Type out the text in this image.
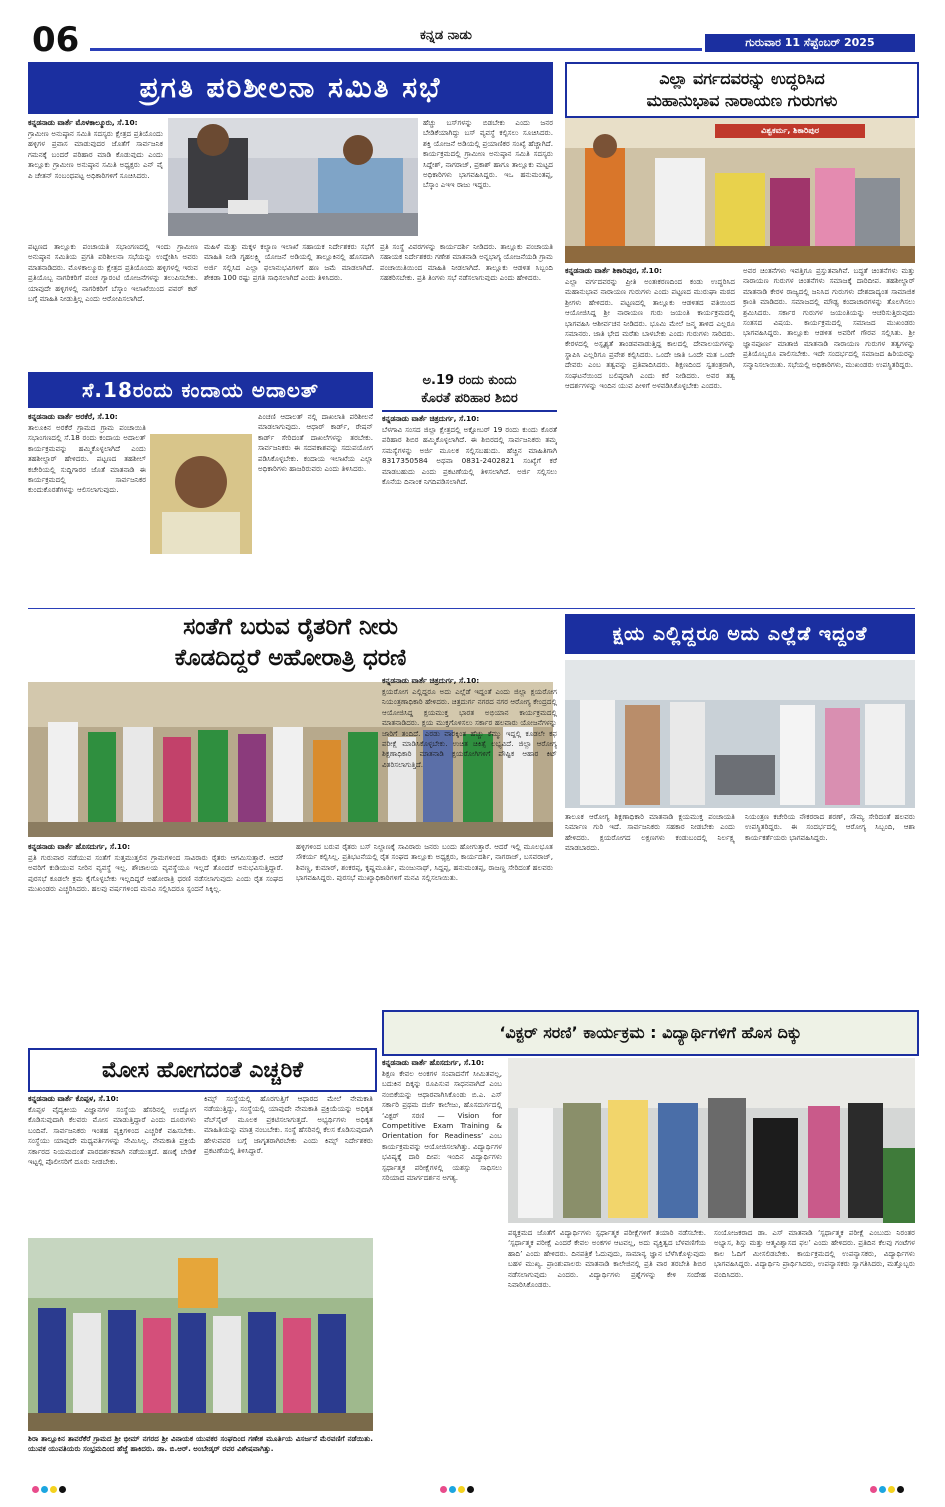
06	ಕನ್ನಡ ನಾಡು	ಗುರುವಾರ 11 ಸೆಪ್ಟೆಂಬರ್ 2025
ಪ್ರಗತಿ ಪರಿಶೀಲನಾ ಸಮಿತಿ ಸಭೆ

ಕನ್ನಡನಾಡು ವಾರ್ತೆ ಮೊಳಕಾಲ್ಮೂರು, ಸೆ.10:

ಗ್ರಾಮೀಣ ಅನುಷ್ಠಾನ ಸಮಿತಿ ಸದಸ್ಯರು ಕ್ಷೇತ್ರದ ಪ್ರತಿಯೊಂದು ಹಳ್ಳಿಗಳ ಪ್ರವಾಸ ಮಾಡುವುದರ ಜೊತೆಗೆ ಸಾರ್ವಜನಿಕ ಗಮನಕ್ಕೆ ಬಂದರೆ ಪರಿಹಾರ ಮಾಡಿ ಕೊಡುವುದು ಎಂದು ತಾಲ್ಲೂಕು ಗ್ರಾಮೀಣ ಅನುಷ್ಠಾನ ಸಮಿತಿ ಅಧ್ಯಕ್ಷರು ಎನ್ ವೈ ಪಿ ಚೇತನ್ ಸಂಬಂಧಪಟ್ಟ ಅಧಿಕಾರಿಗಳಿಗೆ ಸೂಚಿಸಿದರು.

ಹೆಚ್ಚು ಬಸ್‌ಗಳನ್ನು ಬಿಡಬೇಕು ಎಂದು ಜನರ ಬೇಡಿಕೆಯಾಗಿದ್ದು ಬಸ್ ವ್ಯವಸ್ಥೆ ಕಲ್ಪಿಸಲು ಸೂಚಿಸಿದರು. ಶಕ್ತಿ ಯೋಜನೆ ಅಡಿಯಲ್ಲಿ ಪ್ರಯಾಣಿಕರ ಸಂಖ್ಯೆ ಹೆಚ್ಚಾಗಿದೆ. ಕಾರ್ಯಕ್ರಮದಲ್ಲಿ ಗ್ರಾಮೀಣ ಅನುಷ್ಠಾನ ಸಮಿತಿ ಸದಸ್ಯರು ಸಿದ್ದೇಶ್, ನಾಗರಾಜ್, ಪ್ರಕಾಶ್ ಹಾಗೂ ತಾಲ್ಲೂಕು ಮಟ್ಟದ ಅಧಿಕಾರಿಗಳು ಭಾಗವಹಿಸಿದ್ದರು. ಇಒ ಹನುಮಂತಪ್ಪ, ಬೆಸ್ಕಾಂ ಎಇಇ ರಾಜು ಇದ್ದರು.

ಪಟ್ಟಣದ ತಾಲ್ಲೂಕು ಪಂಚಾಯತಿ ಸಭಾಂಗಣದಲ್ಲಿ ಇಂದು ಗ್ರಾಮೀಣ ಅನುಷ್ಠಾನ ಸಮಿತಿಯ ಪ್ರಗತಿ ಪರಿಶೀಲನಾ ಸಭೆಯನ್ನು ಉದ್ದೇಶಿಸಿ ಅವರು ಮಾತನಾಡಿದರು. ಮೊಳಕಾಲ್ಮೂರು ಕ್ಷೇತ್ರದ ಪ್ರತಿಯೊಂದು ಹಳ್ಳಿಗಳಲ್ಲಿ ಇರುವ ಪ್ರತಿಯೊಬ್ಬ ನಾಗರಿಕರಿಗೆ ಪಂಚ ಗ್ಯಾರಂಟಿ ಯೋಜನೆಗಳನ್ನು ತಲುಪಿಸಬೇಕು. ಯಾವುದೇ ಹಳ್ಳಿಗಳಲ್ಲಿ ನಾಗರಿಕರಿಗೆ ಬೆಸ್ಕಾಂ ಇಲಾಖೆಯಿಂದ ಪವರ್ ಕಟ್ ಬಗ್ಗೆ ಮಾಹಿತಿ ನೀಡುತ್ತಿಲ್ಲ ಎಂದು ಆರೋಪಿಸಲಾಗಿದೆ.

ಮಹಿಳೆ ಮತ್ತು ಮಕ್ಕಳ ಕಲ್ಯಾಣ ಇಲಾಖೆ ಸಹಾಯಕ ನಿರ್ದೇಶಕರು ಸಭೆಗೆ ಮಾಹಿತಿ ನೀಡಿ ಗೃಹಲಕ್ಷ್ಮಿ ಯೋಜನೆ ಅಡಿಯಲ್ಲಿ ತಾಲ್ಲೂಕಿನಲ್ಲಿ ಹೊಸದಾಗಿ ಅರ್ಜಿ ಸಲ್ಲಿಸಿದ ಎಲ್ಲಾ ಫಲಾನುಭವಿಗಳಿಗೆ ಹಣ ಜಮೆ ಮಾಡಲಾಗಿದೆ. ಶೇಕಡಾ 100 ರಷ್ಟು ಪ್ರಗತಿ ಸಾಧಿಸಲಾಗಿದೆ ಎಂದು ತಿಳಿಸಿದರು.

ಪ್ರತಿ ಸಂಸ್ಥೆ ವಿವರಗಳನ್ನು ಕಾರ್ಯದರ್ಶಿ ನೀಡಿದರು. ತಾಲ್ಲೂಕು ಪಂಚಾಯತಿ ಸಹಾಯಕ ನಿರ್ದೇಶಕರು ಗಣೇಶ ಮಾತನಾಡಿ ಅನ್ನಭಾಗ್ಯ ಯೋಜನೆಯಡಿ ಗ್ರಾಮ ಪಂಚಾಯಿತಿಯಿಂದ ಮಾಹಿತಿ ನೀಡಲಾಗಿದೆ. ತಾಲ್ಲೂಕು ಆಡಳಿತ ಸಿಬ್ಬಂದಿ ಸಹಕರಿಸಬೇಕು. ಪ್ರತಿ ತಿಂಗಳು ಸಭೆ ನಡೆಸಲಾಗುವುದು ಎಂದು ಹೇಳಿದರು.

ಎಲ್ಲಾ ವರ್ಗದವರನ್ನು ಉದ್ಧರಿಸಿದ
ಮಹಾನುಭಾವ ನಾರಾಯಣ ಗುರುಗಳು
ವಿಶ್ವಕರ್ಮ, ಶಿಕಾರಿಪುರ

ಕನ್ನಡನಾಡು ವಾರ್ತೆ ಶಿಕಾರಿಪುರ, ಸೆ.10:

ಎಲ್ಲಾ ವರ್ಗದವರನ್ನು ಪ್ರೀತಿ ಅಂತಃಕರಣದಿಂದ ಕಂಡು ಉದ್ಧರಿಸಿದ ಮಹಾನುಭಾವ ನಾರಾಯಣ ಗುರುಗಳು ಎಂದು ಪಟ್ಟಣದ ಮುರುಘಾ ಮಠದ ಶ್ರೀಗಳು ಹೇಳಿದರು. ಪಟ್ಟಣದಲ್ಲಿ ತಾಲ್ಲೂಕು ಆಡಳಿತದ ವತಿಯಿಂದ ಆಯೋಜಿಸಿದ್ದ ಶ್ರೀ ನಾರಾಯಣ ಗುರು ಜಯಂತಿ ಕಾರ್ಯಕ್ರಮದಲ್ಲಿ ಭಾಗವಹಿಸಿ ಆಶೀರ್ವಚನ ನೀಡಿದರು. ಭೂಮಿ ಮೇಲೆ ಜನ್ಮ ತಾಳಿದ ಎಲ್ಲರೂ ಸಮಾನರು. ಜಾತಿ ಭೇದ ಮರೆತು ಬಾಳಬೇಕು ಎಂದು ಗುರುಗಳು ಸಾರಿದರು. ಕೇರಳದಲ್ಲಿ ಅಸ್ಪೃಶ್ಯತೆ ತಾಂಡವವಾಡುತ್ತಿದ್ದ ಕಾಲದಲ್ಲಿ ದೇವಾಲಯಗಳನ್ನು ಸ್ಥಾಪಿಸಿ ಎಲ್ಲರಿಗೂ ಪ್ರವೇಶ ಕಲ್ಪಿಸಿದರು. ಒಂದೇ ಜಾತಿ ಒಂದೇ ಮತ ಒಂದೇ ದೇವರು ಎಂಬ ತತ್ವವನ್ನು ಪ್ರತಿಪಾದಿಸಿದರು. ಶಿಕ್ಷಣದಿಂದ ಸ್ವತಂತ್ರರಾಗಿ, ಸಂಘಟನೆಯಿಂದ ಬಲಿಷ್ಠರಾಗಿ ಎಂದು ಕರೆ ನೀಡಿದರು. ಅವರ ತತ್ವ ಆದರ್ಶಗಳನ್ನು ಇಂದಿನ ಯುವ ಪೀಳಿಗೆ ಅಳವಡಿಸಿಕೊಳ್ಳಬೇಕು ಎಂದರು.

ಅವರ ಚಿಂತನೆಗಳು ಇವತ್ತಿಗೂ ಪ್ರಸ್ತುತವಾಗಿವೆ. ಬದ್ಧತೆ ಚಿಂತನೆಗಳು ಮತ್ತು ನಾರಾಯಣ ಗುರುಗಳ ಚಿಂತನೆಗಳು ಸಮಾಜಕ್ಕೆ ದಾರಿದೀಪ. ತಹಶೀಲ್ದಾರ್ ಮಾತನಾಡಿ ಕೇರಳ ರಾಜ್ಯದಲ್ಲಿ ಜನಿಸಿದ ಗುರುಗಳು ದೇಶದಾದ್ಯಂತ ಸಾಮಾಜಿಕ ಕ್ರಾಂತಿ ಮಾಡಿದರು. ಸಮಾಜದಲ್ಲಿ ಮೌಢ್ಯ ಕಂದಾಚಾರಗಳನ್ನು ತೊಲಗಿಸಲು ಶ್ರಮಿಸಿದರು. ಸರ್ಕಾರ ಗುರುಗಳ ಜಯಂತಿಯನ್ನು ಆಚರಿಸುತ್ತಿರುವುದು ಸಂತಸದ ವಿಷಯ. ಕಾರ್ಯಕ್ರಮದಲ್ಲಿ ಸಮಾಜದ ಮುಖಂಡರು ಭಾಗವಹಿಸಿದ್ದರು. ತಾಲ್ಲೂಕು ಆಡಳಿತ ಅವರಿಗೆ ಗೌರವ ಸಲ್ಲಿಸಿತು. ಶ್ರೀ ಜ್ಞಾನಪೂರ್ಣ ಮಾತಾಜಿ ಮಾತನಾಡಿ ನಾರಾಯಣ ಗುರುಗಳ ತತ್ವಗಳನ್ನು ಪ್ರತಿಯೊಬ್ಬರೂ ಪಾಲಿಸಬೇಕು. ಇದೇ ಸಂದರ್ಭದಲ್ಲಿ ಸಮಾಜದ ಹಿರಿಯರನ್ನು ಸನ್ಮಾನಿಸಲಾಯಿತು. ಸಭೆಯಲ್ಲಿ ಅಧಿಕಾರಿಗಳು, ಮುಖಂಡರು ಉಪಸ್ಥಿತರಿದ್ದರು.

ಸೆ.18ರಂದು ಕಂದಾಯ ಅದಾಲತ್

ಕನ್ನಡನಾಡು ವಾರ್ತೆ ಅರಕೆರೆ, ಸೆ.10:

ತಾಲೂಕಿನ ಅರಕೆರೆ ಗ್ರಾಮದ ಗ್ರಾಮ ಪಂಚಾಯಿತಿ ಸಭಾಂಗಣದಲ್ಲಿ ಸೆ.18 ರಂದು ಕಂದಾಯ ಅದಾಲತ್ ಕಾರ್ಯಕ್ರಮವನ್ನು ಹಮ್ಮಿಕೊಳ್ಳಲಾಗಿದೆ ಎಂದು ತಹಶೀಲ್ದಾರ್ ಹೇಳಿದರು. ಪಟ್ಟಣದ ತಹಶೀಲ್ ಕಚೇರಿಯಲ್ಲಿ ಸುದ್ದಿಗಾರರ ಜೊತೆ ಮಾತನಾಡಿ ಈ ಕಾರ್ಯಕ್ರಮದಲ್ಲಿ ಸಾರ್ವಜನಿಕರ ಕುಂದುಕೊರತೆಗಳನ್ನು ಆಲಿಸಲಾಗುವುದು.

ಪಿಂಚಣಿ ಆದಾಲತ್ ನಲ್ಲಿ ದಾಖಲಾತಿ ಪರಿಶೀಲನೆ ಮಾಡಲಾಗುವುದು. ಆಧಾರ್ ಕಾರ್ಡ್, ರೇಷನ್ ಕಾರ್ಡ್ ಸೇರಿದಂತೆ ದಾಖಲೆಗಳನ್ನು ತರಬೇಕು. ಸಾರ್ವಜನಿಕರು ಈ ಸದವಕಾಶವನ್ನು ಸದುಪಯೋಗ ಪಡಿಸಿಕೊಳ್ಳಬೇಕು. ಕಂದಾಯ ಇಲಾಖೆಯ ಎಲ್ಲಾ ಅಧಿಕಾರಿಗಳು ಹಾಜರಿರುವರು ಎಂದು ತಿಳಿಸಿದರು.

ಅ.19 ರಂದು ಕುಂದು
ಕೊರತೆ ಪರಿಹಾರ ಶಿಬಿರ

ಕನ್ನಡನಾಡು ವಾರ್ತೆ ಚಿತ್ರದುರ್ಗ, ಸೆ.10:

ಬೆಳಗಾವಿ ಸಂಸದ ಜಿಲ್ಲಾ ಕ್ಷೇತ್ರದಲ್ಲಿ ಅಕ್ಟೋಬರ್ 19 ರಂದು ಕುಂದು ಕೊರತೆ ಪರಿಹಾರ ಶಿಬಿರ ಹಮ್ಮಿಕೊಳ್ಳಲಾಗಿದೆ. ಈ ಶಿಬಿರದಲ್ಲಿ ಸಾರ್ವಜನಿಕರು ತಮ್ಮ ಸಮಸ್ಯೆಗಳನ್ನು ಅರ್ಜಿ ಮೂಲಕ ಸಲ್ಲಿಸಬಹುದು. ಹೆಚ್ಚಿನ ಮಾಹಿತಿಗಾಗಿ 8317350584 ಅಥವಾ 0831-2402821 ಸಂಖ್ಯೆಗೆ ಕರೆ ಮಾಡಬಹುದು ಎಂದು ಪ್ರಕಟಣೆಯಲ್ಲಿ ತಿಳಿಸಲಾಗಿದೆ. ಅರ್ಜಿ ಸಲ್ಲಿಸಲು ಕೊನೆಯ ದಿನಾಂಕ ನಿಗದಿಪಡಿಸಲಾಗಿದೆ.

ಸಂತೆಗೆ ಬರುವ ರೈತರಿಗೆ ನೀರು
ಕೊಡದಿದ್ದರೆ ಅಹೋರಾತ್ರಿ ಧರಣಿ

ಕನ್ನಡನಾಡು ವಾರ್ತೆ ಹೊಸದುರ್ಗ, ಸೆ.10:

ಪ್ರತಿ ಗುರುವಾರ ನಡೆಯುವ ಸಂತೆಗೆ ಸುತ್ತಮುತ್ತಲಿನ ಗ್ರಾಮಗಳಿಂದ ಸಾವಿರಾರು ರೈತರು ಆಗಮಿಸುತ್ತಾರೆ. ಆದರೆ ಅವರಿಗೆ ಕುಡಿಯುವ ನೀರಿನ ವ್ಯವಸ್ಥೆ ಇಲ್ಲ. ಶೌಚಾಲಯ ವ್ಯವಸ್ಥೆಯೂ ಇಲ್ಲದೆ ತೊಂದರೆ ಅನುಭವಿಸುತ್ತಿದ್ದಾರೆ. ಪುರಸಭೆ ಕೂಡಲೇ ಕ್ರಮ ಕೈಗೊಳ್ಳಬೇಕು ಇಲ್ಲದಿದ್ದರೆ ಅಹೋರಾತ್ರಿ ಧರಣಿ ನಡೆಸಲಾಗುವುದು ಎಂದು ರೈತ ಸಂಘದ ಮುಖಂಡರು ಎಚ್ಚರಿಸಿದರು. ಹಲವು ವರ್ಷಗಳಿಂದ ಮನವಿ ಸಲ್ಲಿಸಿದರೂ ಸ್ಪಂದನೆ ಸಿಕ್ಕಿಲ್ಲ.

ಹಳ್ಳಿಗಳಿಂದ ಬರುವ ರೈತರು ಬಸ್ ನಿಲ್ದಾಣಕ್ಕೆ ಸಾವಿರಾರು ಜನರು ಬಂದು ಹೋಗುತ್ತಾರೆ. ಆದರೆ ಇಲ್ಲಿ ಮೂಲಭೂತ ಸೌಕರ್ಯ ಕಲ್ಪಿಸಿಲ್ಲ. ಪ್ರತಿಭಟನೆಯಲ್ಲಿ ರೈತ ಸಂಘದ ತಾಲ್ಲೂಕು ಅಧ್ಯಕ್ಷರು, ಕಾರ್ಯದರ್ಶಿ, ನಾಗರಾಜ್, ಬಸವರಾಜ್, ಶಿವಣ್ಣ, ಕುಮಾರ್, ಶಂಕರಪ್ಪ, ಕೃಷ್ಣಮೂರ್ತಿ, ಮಂಜುನಾಥ್, ಸಿದ್ದಪ್ಪ, ಹನುಮಂತಪ್ಪ, ರಾಜಣ್ಣ ಸೇರಿದಂತೆ ಹಲವರು ಭಾಗವಹಿಸಿದ್ದರು. ಪುರಸಭೆ ಮುಖ್ಯಾಧಿಕಾರಿಗಳಿಗೆ ಮನವಿ ಸಲ್ಲಿಸಲಾಯಿತು.

ಕ್ಷಯ ಎಲ್ಲಿದ್ದರೂ ಅದು ಎಲ್ಲೆಡೆ ಇದ್ದಂತೆ

ಕನ್ನಡನಾಡು ವಾರ್ತೆ ಚಿತ್ರದುರ್ಗ, ಸೆ.10:

ಕ್ಷಯರೋಗ ಎಲ್ಲಿದ್ದರೂ ಅದು ಎಲ್ಲೆಡೆ ಇದ್ದಂತೆ ಎಂದು ಜಿಲ್ಲಾ ಕ್ಷಯರೋಗ ನಿಯಂತ್ರಣಾಧಿಕಾರಿ ಹೇಳಿದರು. ಚಿತ್ರದುರ್ಗ ನಗರದ ನಗರ ಆರೋಗ್ಯ ಕೇಂದ್ರದಲ್ಲಿ ಆಯೋಜಿಸಿದ್ದ ಕ್ಷಯಮುಕ್ತ ಭಾರತ ಅಭಿಯಾನ ಕಾರ್ಯಕ್ರಮದಲ್ಲಿ ಮಾತನಾಡಿದರು. ಕ್ಷಯ ಮುಕ್ತಗೊಳಿಸಲು ಸರ್ಕಾರ ಹಲವಾರು ಯೋಜನೆಗಳನ್ನು ಜಾರಿಗೆ ತಂದಿದೆ. ಎರಡು ವಾರಕ್ಕಿಂತ ಹೆಚ್ಚು ಕೆಮ್ಮು ಇದ್ದಲ್ಲಿ ಕೂಡಲೇ ಕಫ ಪರೀಕ್ಷೆ ಮಾಡಿಸಿಕೊಳ್ಳಬೇಕು. ಉಚಿತ ಚಿಕಿತ್ಸೆ ಲಭ್ಯವಿದೆ. ಜಿಲ್ಲಾ ಆರೋಗ್ಯ ಶಿಕ್ಷಣಾಧಿಕಾರಿ ಮಾತನಾಡಿ ಕ್ಷಯರೋಗಿಗಳಿಗೆ ಪೌಷ್ಟಿಕ ಆಹಾರ ಕಿಟ್ ವಿತರಿಸಲಾಗುತ್ತಿದೆ.

ತಾಲೂಕ ಆರೋಗ್ಯ ಶಿಕ್ಷಣಾಧಿಕಾರಿ ಮಾತನಾಡಿ ಕ್ಷಯಮುಕ್ತ ಪಂಚಾಯತಿ ನಿರ್ಮಾಣ ಗುರಿ ಇದೆ. ಸಾರ್ವಜನಿಕರು ಸಹಕಾರ ನೀಡಬೇಕು ಎಂದು ಹೇಳಿದರು. ಕ್ಷಯರೋಗದ ಲಕ್ಷಣಗಳು ಕಂಡುಬಂದಲ್ಲಿ ನಿರ್ಲಕ್ಷ್ಯ ಮಾಡಬಾರದು.

ನಿಯಂತ್ರಣ ಕಚೇರಿಯ ನೌಕರರಾದ ಶರಣ್, ಸೌಮ್ಯ ಸೇರಿದಂತೆ ಹಲವರು ಉಪಸ್ಥಿತರಿದ್ದರು. ಈ ಸಂದರ್ಭದಲ್ಲಿ ಆರೋಗ್ಯ ಸಿಬ್ಬಂದಿ, ಆಶಾ ಕಾರ್ಯಕರ್ತೆಯರು ಭಾಗವಹಿಸಿದ್ದರು.

ಮೋಸ ಹೋಗದಂತೆ ಎಚ್ಚರಿಕೆ

ಕನ್ನಡನಾಡು ವಾರ್ತೆ ಕೊಪ್ಪಳ, ಸೆ.10:

ಕೊಪ್ಪಳ ವೈದ್ಯಕೀಯ ವಿಜ್ಞಾನಗಳ ಸಂಸ್ಥೆಯ ಹೆಸರಿನಲ್ಲಿ ಉದ್ಯೋಗ ಕೊಡಿಸುವುದಾಗಿ ಕೆಲವರು ಮೋಸ ಮಾಡುತ್ತಿದ್ದಾರೆ ಎಂದು ದೂರುಗಳು ಬಂದಿವೆ. ಸಾರ್ವಜನಿಕರು ಇಂತಹ ವ್ಯಕ್ತಿಗಳಿಂದ ಎಚ್ಚರಿಕೆ ವಹಿಸಬೇಕು. ಸಂಸ್ಥೆಯು ಯಾವುದೇ ಮಧ್ಯವರ್ತಿಗಳನ್ನು ನೇಮಿಸಿಲ್ಲ. ನೇಮಕಾತಿ ಪ್ರಕ್ರಿಯೆ ಸರ್ಕಾರದ ನಿಯಮದಂತೆ ಪಾರದರ್ಶಕವಾಗಿ ನಡೆಯುತ್ತದೆ. ಹಣಕ್ಕೆ ಬೇಡಿಕೆ ಇಟ್ಟಲ್ಲಿ ಪೊಲೀಸರಿಗೆ ದೂರು ನೀಡಬೇಕು.

ಕಿಮ್ಸ್ ಸಂಸ್ಥೆಯಲ್ಲಿ ಹೊರಗುತ್ತಿಗೆ ಆಧಾರದ ಮೇಲೆ ನೇಮಕಾತಿ ನಡೆಯುತ್ತಿದ್ದು, ಸಂಸ್ಥೆಯಲ್ಲಿ ಯಾವುದೇ ನೇಮಕಾತಿ ಪ್ರಕ್ರಿಯೆಯನ್ನು ಅಧಿಕೃತ ವೆಬ್‌ಸೈಟ್ ಮೂಲಕ ಪ್ರಕಟಿಸಲಾಗುತ್ತದೆ. ಅಭ್ಯರ್ಥಿಗಳು ಅಧಿಕೃತ ಮಾಹಿತಿಯನ್ನು ಮಾತ್ರ ನಂಬಬೇಕು. ಸಂಸ್ಥೆ ಹೆಸರಿನಲ್ಲಿ ಕೆಲಸ ಕೊಡಿಸುವುದಾಗಿ ಹೇಳುವವರ ಬಗ್ಗೆ ಜಾಗೃತರಾಗಿರಬೇಕು ಎಂದು ಕಿಮ್ಸ್ ನಿರ್ದೇಶಕರು ಪ್ರಕಟಣೆಯಲ್ಲಿ ತಿಳಿಸಿದ್ದಾರೆ.

‘ವಿಕ್ಟರ್ ಸರಣಿ’ ಕಾರ್ಯಕ್ರಮ : ವಿದ್ಯಾರ್ಥಿಗಳಿಗೆ ಹೊಸ ದಿಕ್ಕು

ಕನ್ನಡನಾಡು ವಾರ್ತೆ ಹೊಸದುರ್ಗ, ಸೆ.10:

ಶಿಕ್ಷಣ ಕೇವಲ ಅಂಕಗಳ ಸಂಪಾದನೆಗೆ ಸೀಮಿತವಲ್ಲ, ಬದುಕಿನ ದಿಕ್ಕನ್ನು ರೂಪಿಸುವ ಸಾಧನವಾಗಿದೆ ಎಂಬ ನಂಬಿಕೆಯನ್ನು ಆಧಾರವಾಗಿಸಿಕೊಂಡು ಬಿ.ಎ. ಎಸ್ ಸರ್ಕಾರಿ ಪ್ರಥಮ ದರ್ಜೆ ಕಾಲೇಜು, ಹೊಸದುರ್ಗದಲ್ಲಿ ‘ವಿಕ್ಟರ್ ಸರಣಿ — Vision for Competitive Exam Training & Orientation for Readiness’ ಎಂಬ ಕಾರ್ಯಕ್ರಮವನ್ನು ಆಯೋಜಿಸಲಾಗಿತ್ತು. ವಿದ್ಯಾರ್ಥಿಗಳ ಭವಿಷ್ಯಕ್ಕೆ ದಾರಿ ದೀಪ: ಇಂದಿನ ವಿದ್ಯಾರ್ಥಿಗಳು ಸ್ಪರ್ಧಾತ್ಮಕ ಪರೀಕ್ಷೆಗಳಲ್ಲಿ ಯಶಸ್ಸು ಸಾಧಿಸಲು ಸರಿಯಾದ ಮಾರ್ಗದರ್ಶನ ಅಗತ್ಯ.

ಪಠ್ಯಕ್ರಮದ ಜೊತೆಗೆ ವಿದ್ಯಾರ್ಥಿಗಳು ಸ್ಪರ್ಧಾತ್ಮಕ ಪರೀಕ್ಷೆಗಳಿಗೆ ತಯಾರಿ ನಡೆಸಬೇಕು. ‘ಸ್ಪರ್ಧಾತ್ಮಕ ಪರೀಕ್ಷೆ ಎಂದರೆ ಕೇವಲ ಅಂಕಗಳ ಆಟವಲ್ಲ, ಅದು ವ್ಯಕ್ತಿತ್ವದ ಬೆಳವಣಿಗೆಯ ಹಾದಿ’ ಎಂದು ಹೇಳಿದರು. ದಿನಪತ್ರಿಕೆ ಓದುವುದು, ಸಾಮಾನ್ಯ ಜ್ಞಾನ ಬೆಳೆಸಿಕೊಳ್ಳುವುದು ಬಹಳ ಮುಖ್ಯ. ಪ್ರಾಂಶುಪಾಲರು ಮಾತನಾಡಿ ಕಾಲೇಜಿನಲ್ಲಿ ಪ್ರತಿ ವಾರ ತರಬೇತಿ ಶಿಬಿರ ನಡೆಸಲಾಗುವುದು ಎಂದರು. ವಿದ್ಯಾರ್ಥಿಗಳು ಪ್ರಶ್ನೆಗಳನ್ನು ಕೇಳಿ ಸಂದೇಹ ನಿವಾರಿಸಿಕೊಂಡರು.

ಸಂಯೋಜಕರಾದ ಡಾ. ಎಸ್ ಮಾತನಾಡಿ ‘ಸ್ಪರ್ಧಾತ್ಮಕ ಪರೀಕ್ಷೆ ಎಂಬುದು ನಿರಂತರ ಅಭ್ಯಾಸ, ಶಿಸ್ತು ಮತ್ತು ಆತ್ಮವಿಶ್ವಾಸದ ಫಲ’ ಎಂದು ಹೇಳಿದರು. ಪ್ರತಿದಿನ ಕೆಲವು ಗಂಟೆಗಳ ಕಾಲ ಓದಿಗೆ ಮೀಸಲಿಡಬೇಕು. ಕಾರ್ಯಕ್ರಮದಲ್ಲಿ ಉಪನ್ಯಾಸಕರು, ವಿದ್ಯಾರ್ಥಿಗಳು ಭಾಗವಹಿಸಿದ್ದರು. ವಿದ್ಯಾರ್ಥಿನಿ ಪ್ರಾರ್ಥಿಸಿದರು, ಉಪನ್ಯಾಸಕರು ಸ್ವಾಗತಿಸಿದರು, ಮತ್ತೊಬ್ಬರು ವಂದಿಸಿದರು.

ಶಿರಾ ತಾಲ್ಲೂಕಿನ ತಾವರೆಕೆರೆ ಗ್ರಾಮದ ಶ್ರೀ ಭೀಮ್ ನಗರದ ಶ್ರೀ ವಿನಾಯಕ ಯುವಕರ ಸಂಘದಿಂದ ಗಣೇಶ ಮೂರ್ತಿಯ ವಿಸರ್ಜನೆ ಮೆರವಣಿಗೆ ನಡೆಯಿತು. ಯುವಕ ಯುವತಿಯರು ಸಂಭ್ರಮದಿಂದ ಹೆಜ್ಜೆ ಹಾಕಿದರು. ಡಾ. ಬಿ.ಆರ್. ಅಂಬೇಡ್ಕರ್ ರವರ ವಿಶೇಷವಾಗಿತ್ತು.
